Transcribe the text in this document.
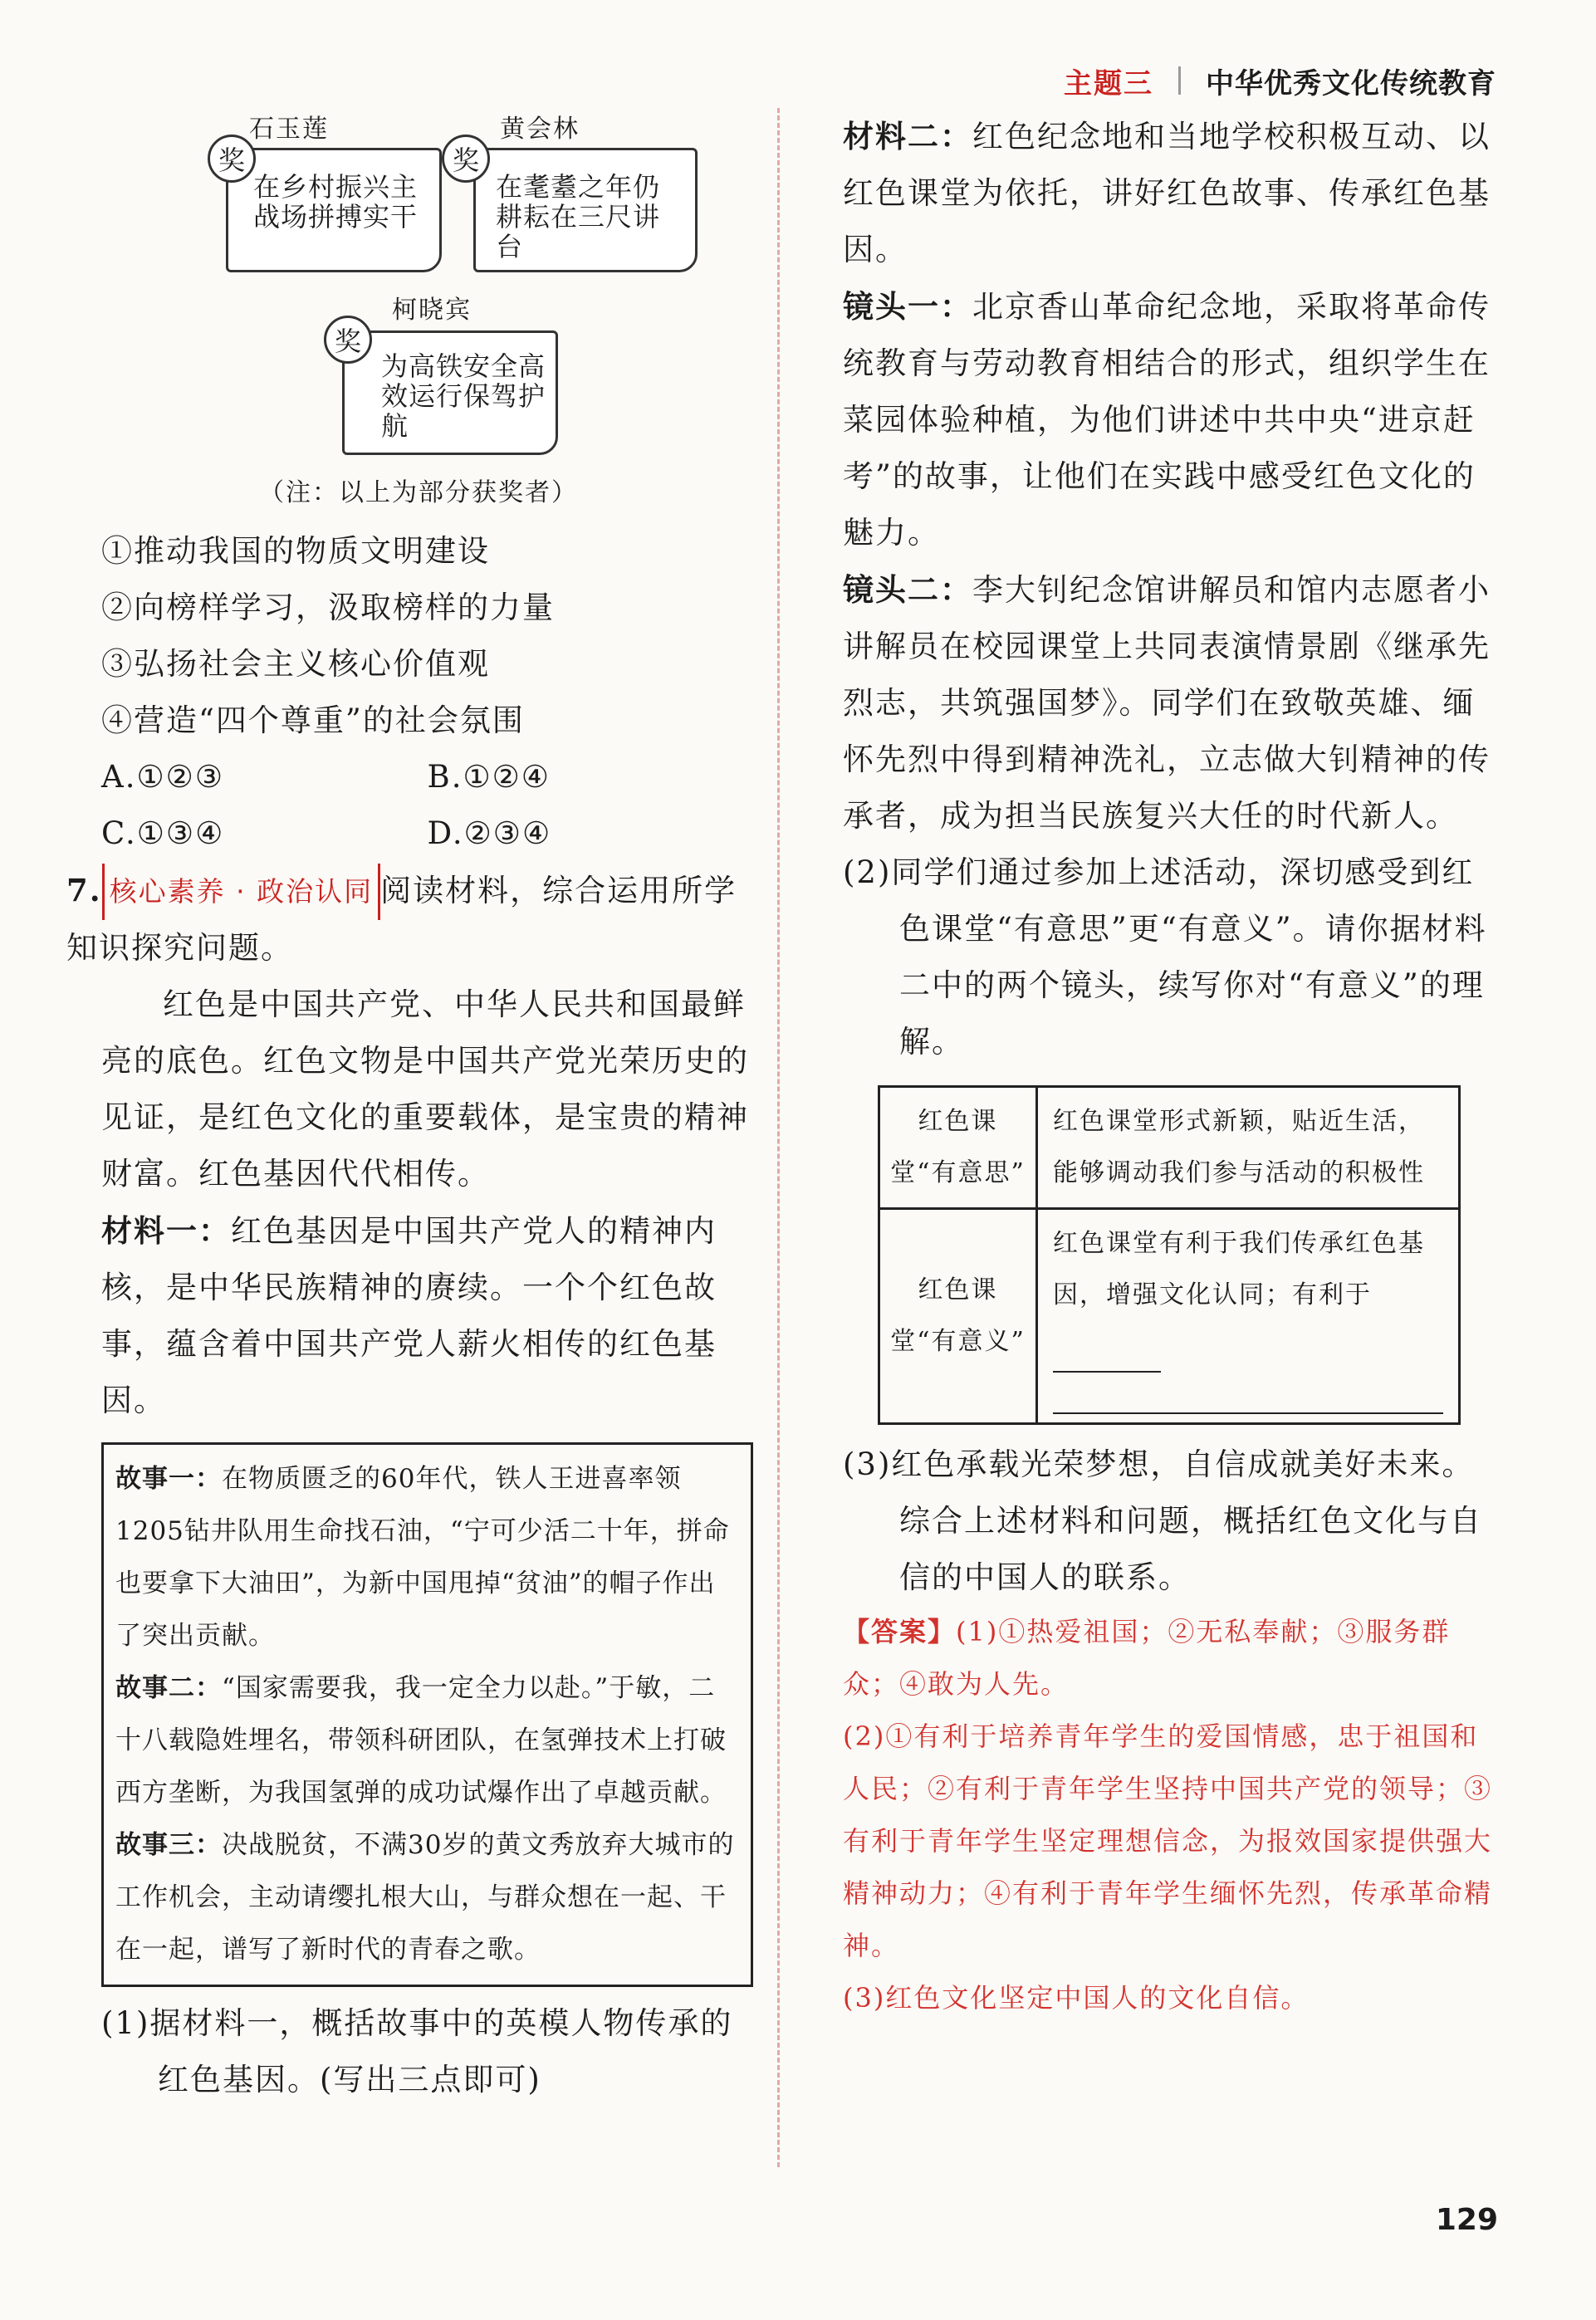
主题三 中华优秀文化传统教育
石玉莲
在乡村振兴主战场拼搏实干
奖
黄会林
在耄耋之年仍耕耘在三尺讲台
奖
柯晓宾
为高铁安全高效运行保驾护航
奖
（注：以上为部分获奖者）
①推动我国的物质文明建设
②向榜样学习，汲取榜样的力量
③弘扬社会主义核心价值观
④营造“四个尊重”的社会氛围
A.①②③	B.①②④
C.①③④	D.②③④
7. 核心素养 · 政治认同 阅读材料，综合运用所学知识探究问题。
红色是中国共产党、中华人民共和国最鲜亮的底色。红色文物是中国共产党光荣历史的见证，是红色文化的重要载体，是宝贵的精神财富。红色基因代代相传。
材料一：红色基因是中国共产党人的精神内核，是中华民族精神的赓续。一个个红色故事，蕴含着中国共产党人薪火相传的红色基因。
故事一：在物质匮乏的60年代，铁人王进喜率领1205钻井队用生命找石油，“宁可少活二十年，拼命也要拿下大油田”，为新中国甩掉“贫油”的帽子作出了突出贡献。
故事二：“国家需要我，我一定全力以赴。”于敏，二十八载隐姓埋名，带领科研团队，在氢弹技术上打破西方垄断，为我国氢弹的成功试爆作出了卓越贡献。
故事三：决战脱贫，不满30岁的黄文秀放弃大城市的工作机会，主动请缨扎根大山，与群众想在一起、干在一起，谱写了新时代的青春之歌。
(1)据材料一，概括故事中的英模人物传承的红色基因。(写出三点即可)
材料二：红色纪念地和当地学校积极互动、以红色课堂为依托，讲好红色故事、传承红色基因。
镜头一：北京香山革命纪念地，采取将革命传统教育与劳动教育相结合的形式，组织学生在菜园体验种植，为他们讲述中共中央“进京赶考”的故事，让他们在实践中感受红色文化的魅力。
镜头二：李大钊纪念馆讲解员和馆内志愿者小讲解员在校园课堂上共同表演情景剧《继承先烈志，共筑强国梦》。同学们在致敬英雄、缅怀先烈中得到精神洗礼，立志做大钊精神的传承者，成为担当民族复兴大任的时代新人。
(2)同学们通过参加上述活动，深切感受到红色课堂“有意思”更“有意义”。请你据材料二中的两个镜头，续写你对“有意义”的理解。
红色课堂“有意思”	红色课堂形式新颖，贴近生活，能够调动我们参与活动的积极性
红色课堂“有意义”	红色课堂有利于我们传承红色基因，增强文化认同；有利于
(3)红色承载光荣梦想，自信成就美好未来。综合上述材料和问题，概括红色文化与自信的中国人的联系。
【答案】(1)①热爱祖国；②无私奉献；③服务群众；④敢为人先。
(2)①有利于培养青年学生的爱国情感，忠于祖国和人民；②有利于青年学生坚持中国共产党的领导；③有利于青年学生坚定理想信念，为报效国家提供强大精神动力；④有利于青年学生缅怀先烈，传承革命精神。
(3)红色文化坚定中国人的文化自信。
129
